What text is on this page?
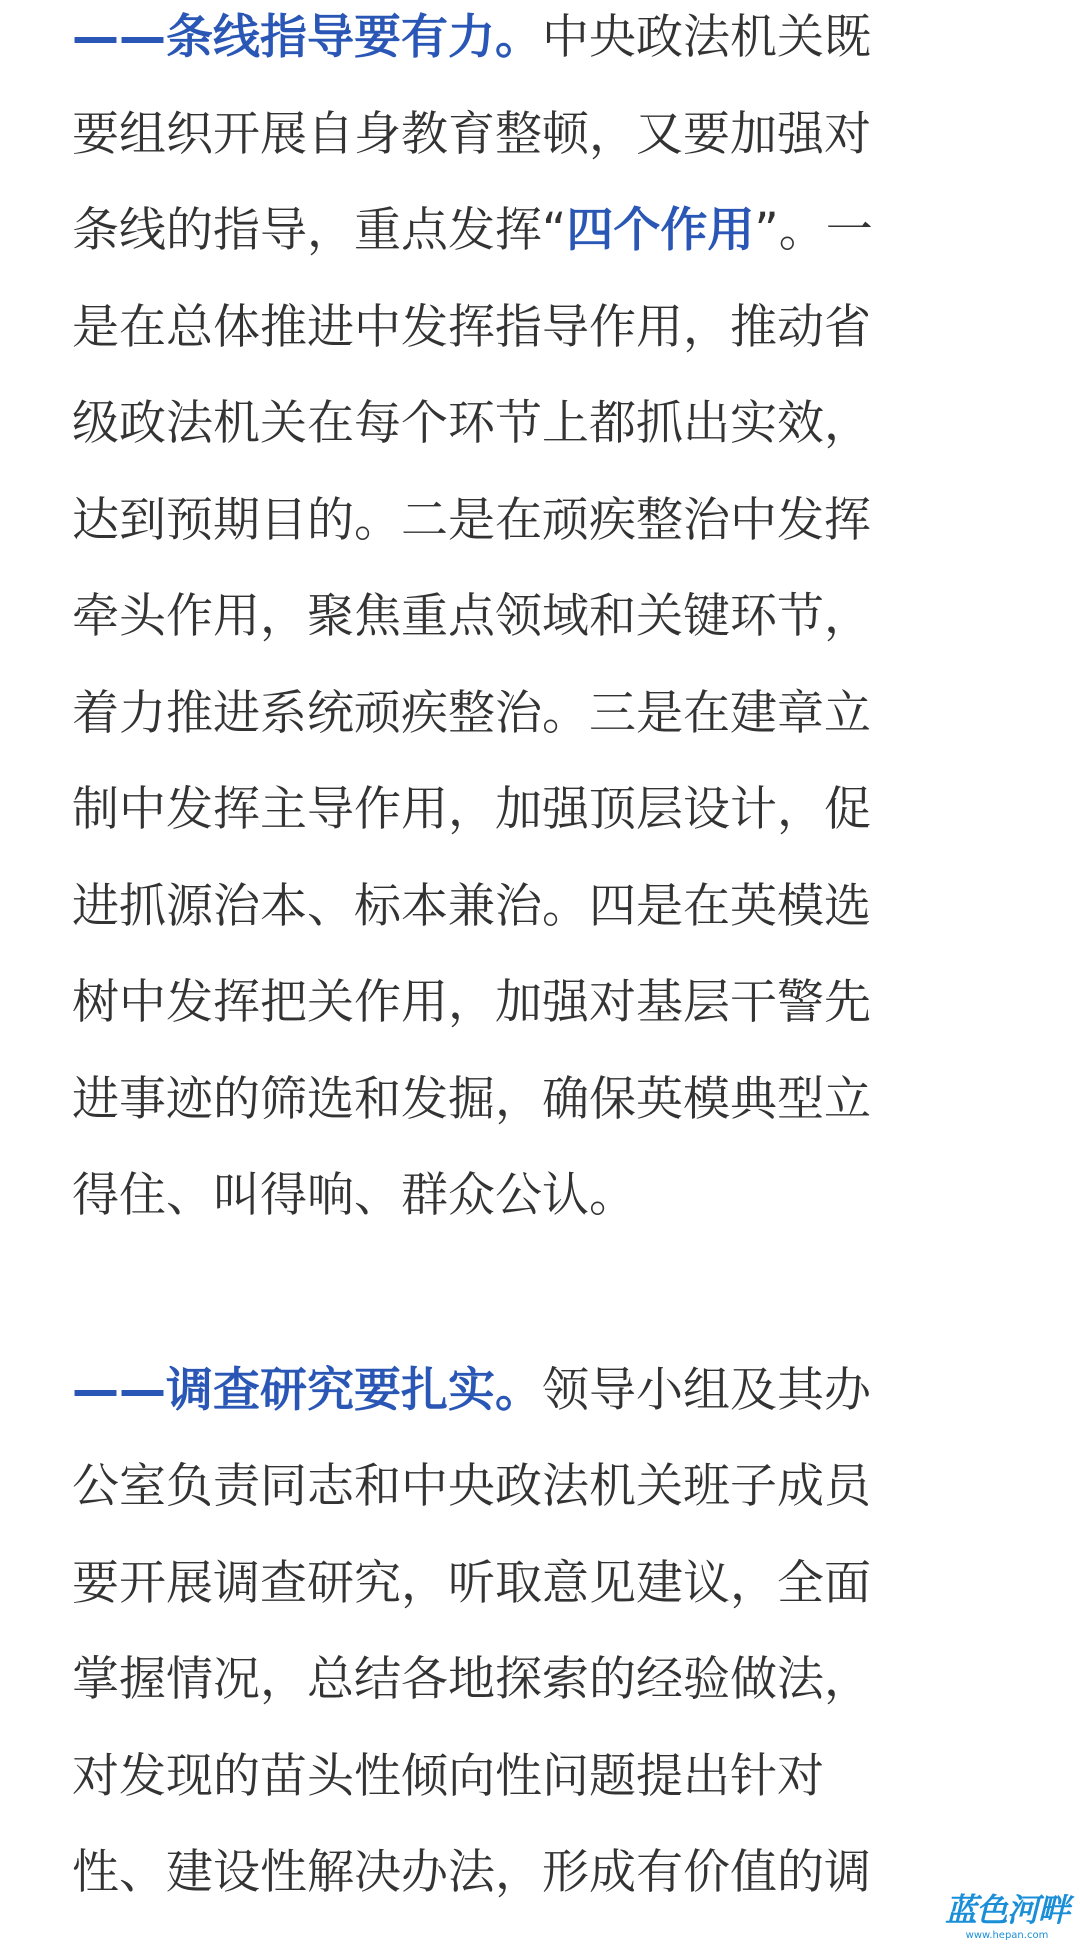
——条线指导要有力。中央政法机关既
要组织开展自身教育整顿，又要加强对
条线的指导，重点发挥“四个作用”。一
是在总体推进中发挥指导作用，推动省
级政法机关在每个环节上都抓出实效，
达到预期目的。二是在顽疾整治中发挥
牵头作用，聚焦重点领域和关键环节，
着力推进系统顽疾整治。三是在建章立
制中发挥主导作用，加强顶层设计，促
进抓源治本、标本兼治。四是在英模选
树中发挥把关作用，加强对基层干警先
进事迹的筛选和发掘，确保英模典型立
得住、叫得响、群众公认。
——调查研究要扎实。领导小组及其办
公室负责同志和中央政法机关班子成员
要开展调查研究，听取意见建议，全面
掌握情况，总结各地探索的经验做法，
对发现的苗头性倾向性问题提出针对
性、建设性解决办法，形成有价值的调
蓝色河畔
www.hepan.com
